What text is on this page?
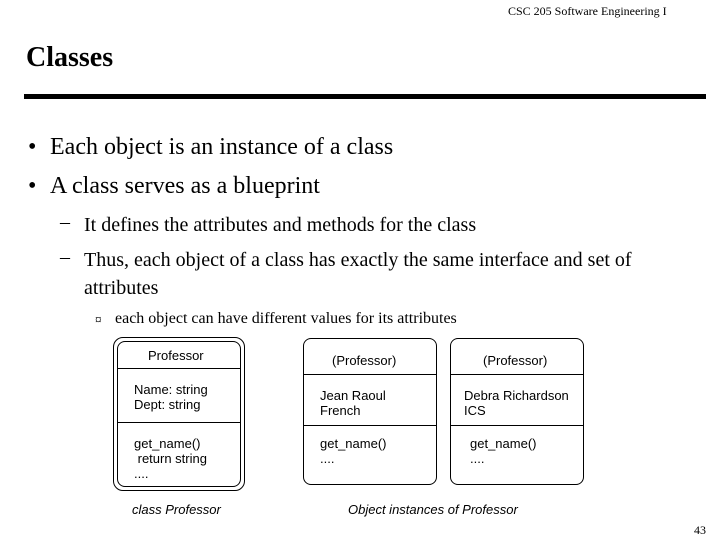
CSC 205 Software Engineering I
Classes
• Each object is an instance of a class
• A class serves as a blueprint
– It defines the attributes and methods for the class
– Thus, each object of a class has exactly the same interface and set of attributes
¤ each object can have different values for its attributes
Professor
Name: string
Dept: string
get_name()
return string
....
class Professor
(Professor)
Jean Raoul
French
get_name()
....
(Professor)
Debra Richardson
ICS
get_name()
....
Object instances of Professor
43
